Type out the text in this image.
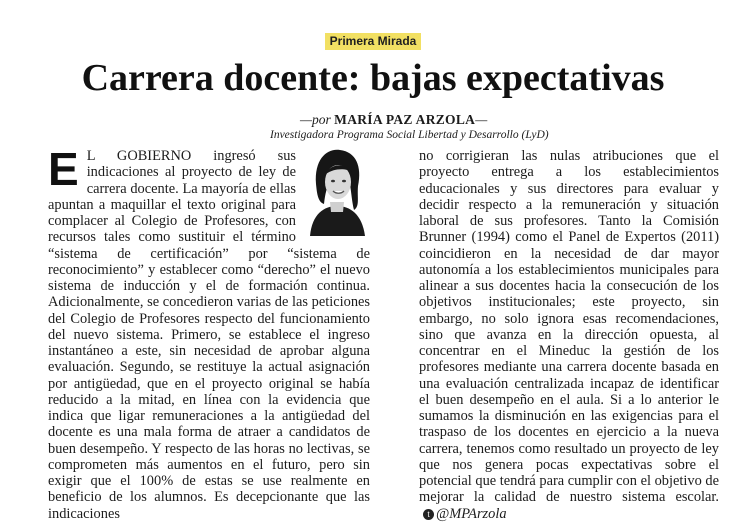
Primera Mirada
Carrera docente: bajas expectativas
—por MARÍA PAZ ARZOLA—
Investigadora Programa Social Libertad y Desarrollo (LyD)
E L GOBIERNO ingresó sus indicaciones al proyecto de ley de carrera docente. La mayoría de ellas apuntan a maquillar el texto original para complacer al Colegio de Profesores, con recursos tales como sustituir el término “sistema de certificación” por “sistema de reconocimiento” y establecer como “derecho” el nuevo sistema de inducción y el de formación continua. Adicionalmente, se concedieron varias de las peticiones del Colegio de Profesores respecto del funcionamiento del nuevo sistema. Primero, se establece el ingreso instantáneo a este, sin necesidad de aprobar alguna evaluación. Segundo, se restituye la actual asignación por antigüedad, que en el proyecto original se había reducido a la mitad, en línea con la evidencia que indica que ligar remuneraciones a la antigüedad del docente es una mala forma de atraer a candidatos de buen desempeño. Y respecto de las horas no lectivas, se comprometen más aumentos en el futuro, pero sin exigir que el 100% de estas se use realmente en beneficio de los alumnos. Es decepcionante que las indicaciones

no corrigieran las nulas atribuciones que el proyecto entrega a los establecimientos educacionales y sus directores para evaluar y decidir respecto a la remuneración y situación laboral de sus profesores. Tanto la Comisión Brunner (1994) como el Panel de Expertos (2011) coincidieron en la necesidad de dar mayor autonomía a los establecimientos municipales para alinear a sus docentes hacia la consecución de los objetivos institucionales; este proyecto, sin embargo, no solo ignora esas recomendaciones, sino que avanza en la dirección opuesta, al concentrar en el Mineduc la gestión de los profesores mediante una carrera docente basada en una evaluación centralizada incapaz de identificar el buen desempeño en el aula. Si a lo anterior le sumamos la disminución en las exigencias para el traspaso de los docentes en ejercicio a la nueva carrera, tenemos como resultado un proyecto de ley que nos genera pocas expectativas sobre el potencial que tendrá para cumplir con el objetivo de mejorar la calidad de nuestro sistema escolar.t @MPArzola
